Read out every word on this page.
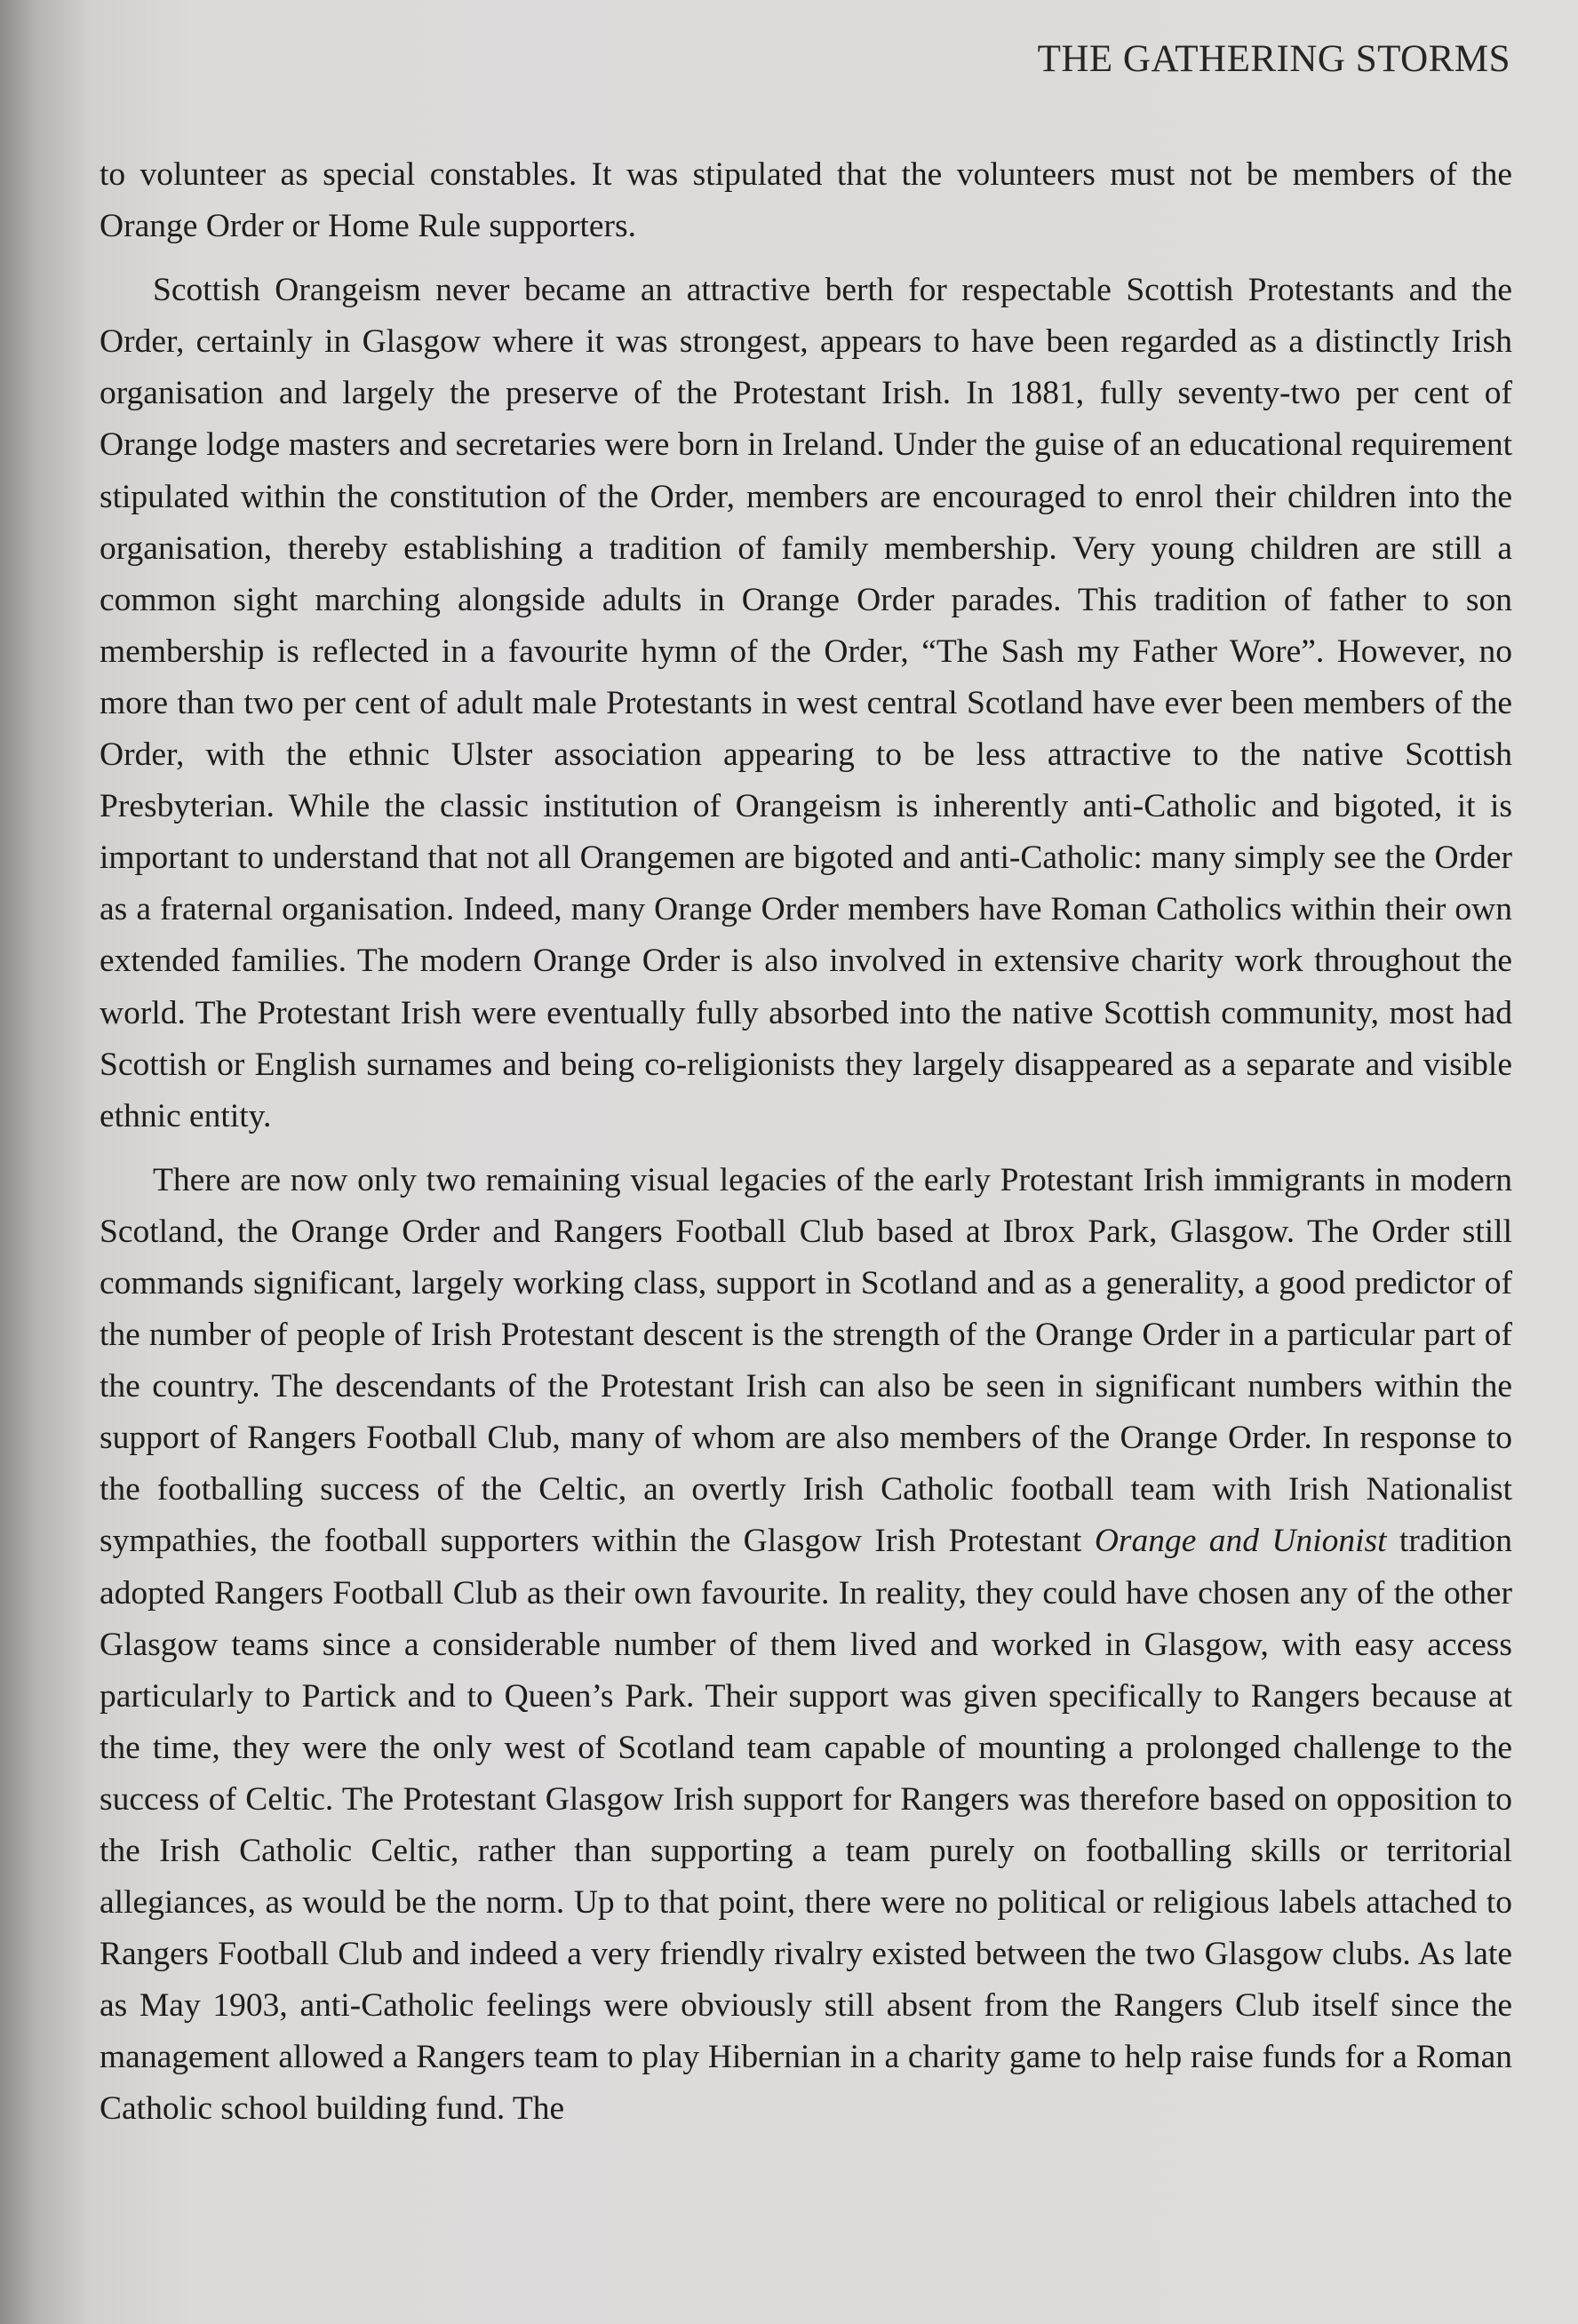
THE GATHERING STORMS

to volunteer as special constables. It was stipulated that the volunteers must not be members of the Orange Order or Home Rule supporters.

Scottish Orangeism never became an attractive berth for respectable Scottish Protestants and the Order, certainly in Glasgow where it was strongest, appears to have been regarded as a distinctly Irish organisation and largely the preserve of the Protestant Irish. In 1881, fully seventy-two per cent of Orange lodge masters and secretaries were born in Ireland. Under the guise of an educational requirement stipulated within the constitution of the Order, members are encouraged to enrol their children into the organisation, thereby establishing a tradition of family membership. Very young children are still a common sight marching alongside adults in Orange Order parades. This tradition of father to son membership is reflected in a favourite hymn of the Order, “The Sash my Father Wore”. However, no more than two per cent of adult male Protestants in west central Scotland have ever been members of the Order, with the ethnic Ulster association appearing to be less attractive to the native Scottish Presbyterian. While the classic institution of Orangeism is inherently anti-Catholic and bigoted, it is important to understand that not all Orangemen are bigoted and anti-Catholic: many simply see the Order as a fraternal organisation. Indeed, many Orange Order members have Roman Catholics within their own extended families. The modern Orange Order is also involved in extensive charity work throughout the world. The Protestant Irish were eventually fully absorbed into the native Scottish community, most had Scottish or English surnames and being co-religionists they largely disappeared as a separate and visible ethnic entity.

There are now only two remaining visual legacies of the early Protestant Irish immigrants in modern Scotland, the Orange Order and Rangers Football Club based at Ibrox Park, Glasgow. The Order still commands significant, largely working class, support in Scotland and as a generality, a good predictor of the number of people of Irish Protestant descent is the strength of the Orange Order in a particular part of the country. The descendants of the Protestant Irish can also be seen in significant numbers within the support of Rangers Football Club, many of whom are also members of the Orange Order. In response to the footballing success of the Celtic, an overtly Irish Catholic football team with Irish Nationalist sympathies, the football supporters within the Glasgow Irish Protestant Orange and Unionist tradition adopted Rangers Football Club as their own favourite. In reality, they could have chosen any of the other Glasgow teams since a considerable number of them lived and worked in Glasgow, with easy access particularly to Partick and to Queen’s Park. Their support was given specifically to Rangers because at the time, they were the only west of Scotland team capable of mounting a prolonged challenge to the success of Celtic. The Protestant Glasgow Irish support for Rangers was therefore based on opposition to the Irish Catholic Celtic, rather than supporting a team purely on footballing skills or territorial allegiances, as would be the norm. Up to that point, there were no political or religious labels attached to Rangers Football Club and indeed a very friendly rivalry existed between the two Glasgow clubs. As late as May 1903, anti-Catholic feelings were obviously still absent from the Rangers Club itself since the management allowed a Rangers team to play Hibernian in a charity game to help raise funds for a Roman Catholic school building fund. The
